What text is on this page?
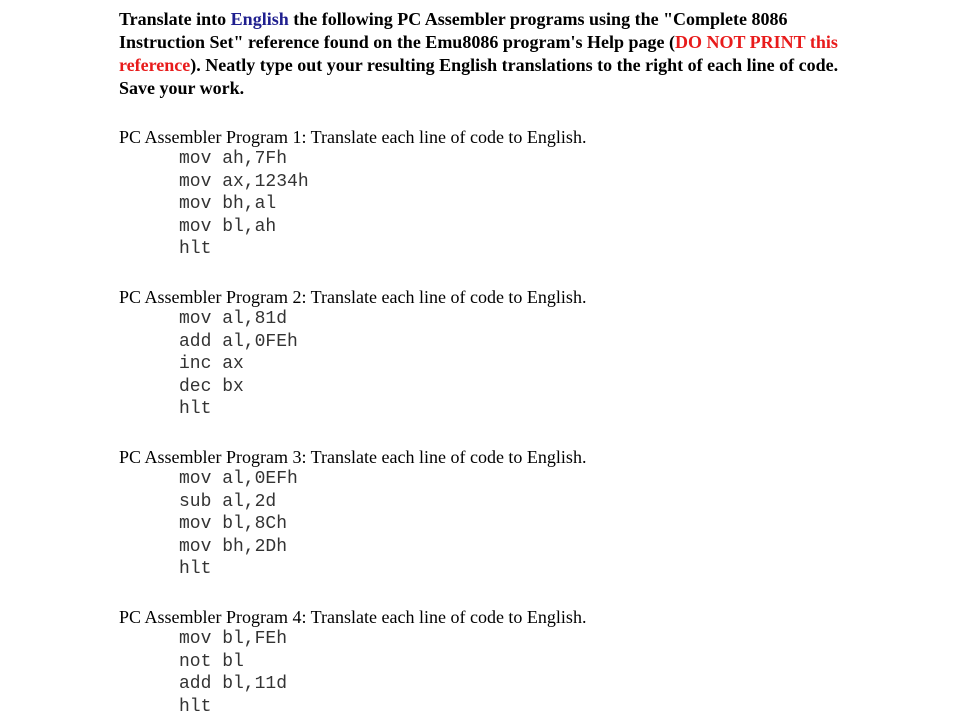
Translate into English the following PC Assembler programs using the "Complete 8086 Instruction Set" reference found on the Emu8086 program's Help page (DO NOT PRINT this reference). Neatly type out your resulting English translations to the right of each line of code. Save your work.

PC Assembler Program 1: Translate each line of code to English.

mov ah,7Fh
mov ax,1234h
mov bh,al
mov bl,ah
hlt

PC Assembler Program 2: Translate each line of code to English.

mov al,81d
add al,0FEh
inc ax
dec bx
hlt

PC Assembler Program 3: Translate each line of code to English.

mov al,0EFh
sub al,2d
mov bl,8Ch
mov bh,2Dh
hlt

PC Assembler Program 4: Translate each line of code to English.

mov bl,FEh
not bl
add bl,11d
hlt
